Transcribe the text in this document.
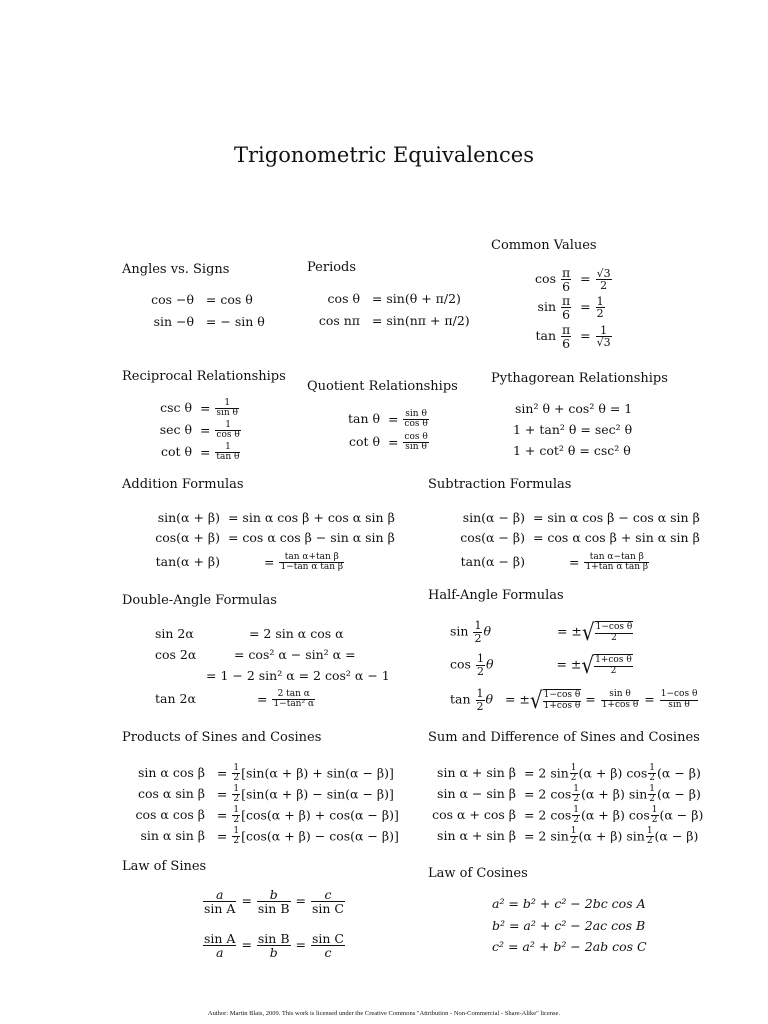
Trigonometric Equivalences
Angles vs. Signs
cos −θ = cos θ
sin −θ = − sin θ
Periods
cos θ = sin(θ + π/2)
cos nπ = sin(nπ + π/2)
Common Values
$\cos \frac{\pi}{6} = \frac{√3}{2}$
$\sin \frac{\pi}{6} = \frac{1}{2}$
$\tan \frac{\pi}{6} = \frac{1}{√3}$
Reciprocal Relationships
$\csc \theta = \frac{1}{\text{sin θ}}$
$\sec \theta = \frac{1}{\text{cos θ}}$
$\cot \theta = \frac{1}{\text{tan θ}}$
Quotient Relationships
$\tan \theta = \frac{\text{sin θ}}{\text{cos θ}}$
$\cot \theta = \frac{\text{cos θ}}{\text{sin θ}}$
Pythagorean Relationships
sin² θ + cos² θ = 1
1 + tan² θ = sec² θ
1 + cot² θ = csc² θ
Addition Formulas
sin(α + β) = sin α cos β + cos α sin β
cos(α + β) = cos α cos β − sin α sin β
tan(α + β)	= $\frac{\text{tan α+tan β}}{\text{1−tan α tan β}}$
Subtraction Formulas
sin(α − β) = sin α cos β − cos α sin β
cos(α − β) = cos α cos β + sin α sin β
tan(α − β)	= $\frac{\text{tan α−tan β}}{\text{1+tan α tan β}}$
Double-Angle Formulas
sin 2α	= 2 sin α cos α
cos 2α	= cos² α − sin² α =
= 1 − 2 sin² α = 2 cos² α − 1
tan 2α	= $\frac{\text{2 tan α}}{\text{1−tan² α}}$
Half-Angle Formulas
$\sin \frac{1}{2}$ θ	= ±√ $\frac{\text{1−cos θ}}{2}$
$\cos \frac{1}{2}$ θ	= ±√ $\frac{\text{1+cos θ}}{2}$
$\tan \frac{1}{2}$ θ   = ±√ $\frac{\text{1−cos θ}}{\text{1+cos θ}} = \frac{\text{sin θ}}{\text{1+cos θ}} = \frac{\text{1−cos θ}}{\text{sin θ}}$
Products of Sines and Cosines
sin α $\cos \beta = \frac{1}{2} [\sin(\alpha + \beta) + \sin(\alpha - \beta)]$
cos α $\sin \beta = \frac{1}{2} [\sin(\alpha + \beta) - \sin(\alpha - \beta)]$
cos α $\cos \beta = \frac{1}{2} [\cos(\alpha + \beta) + \cos(\alpha - \beta)]$
sin α $\sin \beta = \frac{1}{2} [\cos(\alpha + \beta) - \cos(\alpha - \beta)]$
Sum and Difference of Sines and Cosines
sin α + sin β = 2 $\sin \frac{1}{2} (\alpha + \beta)$ $\cos \frac{1}{2} (\alpha - \beta)$
sin α − sin β = 2 $\cos \frac{1}{2} (\alpha + \beta)$ $\sin \frac{1}{2} (\alpha - \beta)$
cos α + cos β = 2 $\cos \frac{1}{2} (\alpha + \beta)$ $\cos \frac{1}{2} (\alpha - \beta)$
sin α + sin β = 2 $\sin \frac{1}{2} (\alpha + \beta)$ $\sin \frac{1}{2} (\alpha - \beta)$
Law of Sines
$\frac{a}{\text{sin A}} = \frac{b}{\text{sin B}} = \frac{c}{\text{sin C}}$
$\frac{\text{sin A}}{a} = \frac{\text{sin B}}{b} = \frac{\text{sin C}}{c}$
Law of Cosines
a² = b² + c² − 2bc cos A
b² = a² + c² − 2ac cos B
c² = a² + b² − 2ab cos C
Author: Martin Blais, 2009. This work is licensed under the Creative Commons "Attribution - Non-Commercial - Share-Alike" license.
